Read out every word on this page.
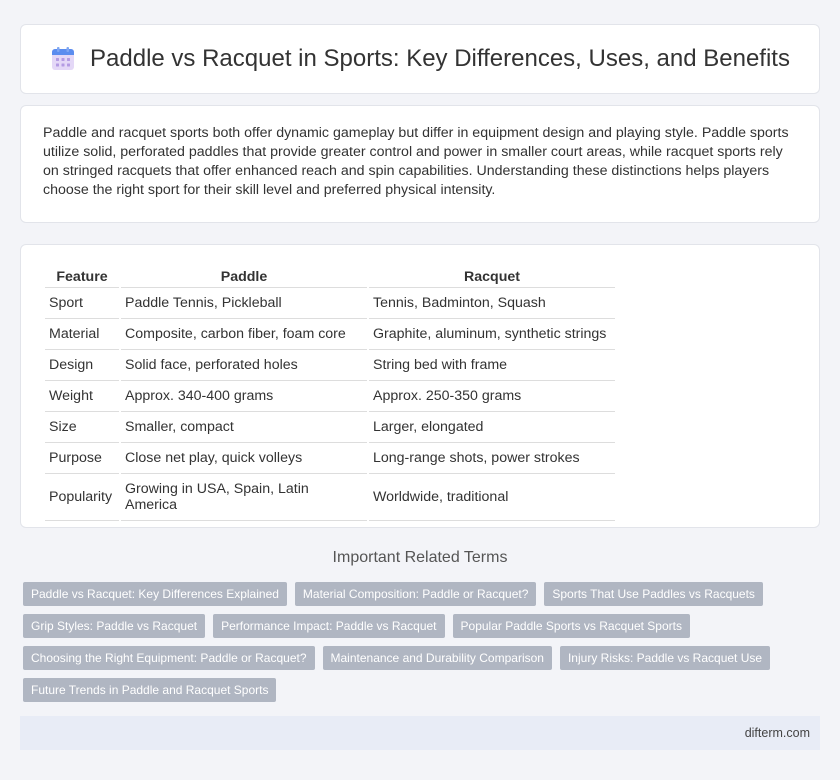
Paddle vs Racquet in Sports: Key Differences, Uses, and Benefits

Paddle and racquet sports both offer dynamic gameplay but differ in equipment design and playing style. Paddle sports utilize solid, perforated paddles that provide greater control and power in smaller court areas, while racquet sports rely on stringed racquets that offer enhanced reach and spin capabilities. Understanding these distinctions helps players choose the right sport for their skill level and preferred physical intensity.

Feature	Paddle	Racquet
Sport	Paddle Tennis, Pickleball	Tennis, Badminton, Squash
Material	Composite, carbon fiber, foam core	Graphite, aluminum, synthetic strings
Design	Solid face, perforated holes	String bed with frame
Weight	Approx. 340-400 grams	Approx. 250-350 grams
Size	Smaller, compact	Larger, elongated
Purpose	Close net play, quick volleys	Long-range shots, power strokes
Popularity	Growing in USA, Spain, Latin America	Worldwide, traditional
Important Related Terms
Paddle vs Racquet: Key Differences Explained	Material Composition: Paddle or Racquet?	Sports That Use Paddles vs Racquets
Grip Styles: Paddle vs Racquet	Performance Impact: Paddle vs Racquet	Popular Paddle Sports vs Racquet Sports
Choosing the Right Equipment: Paddle or Racquet?	Maintenance and Durability Comparison	Injury Risks: Paddle vs Racquet Use
Future Trends in Paddle and Racquet Sports
difterm.com
